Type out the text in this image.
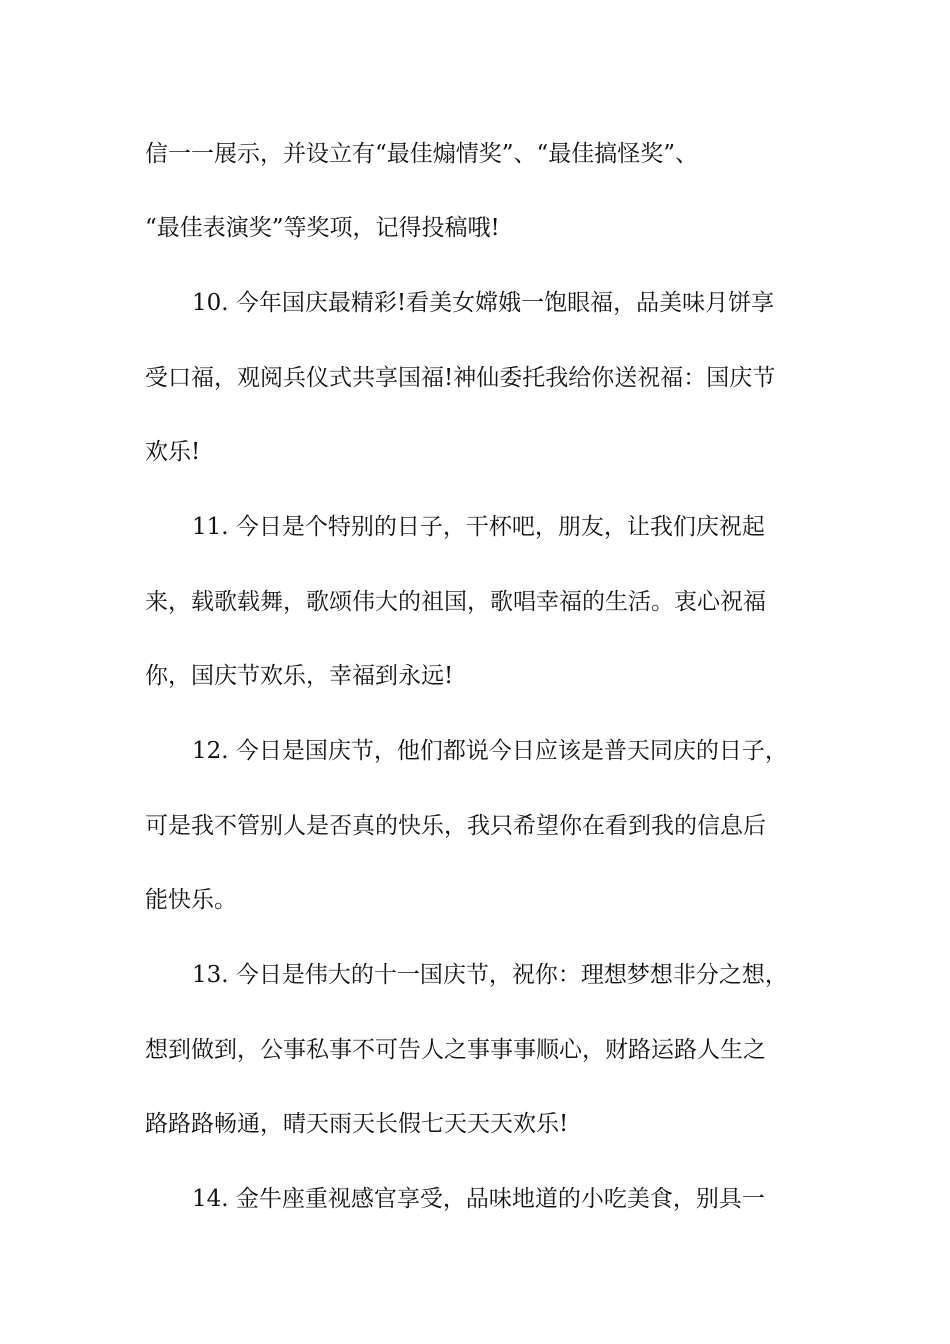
信一一展示，并设立有“最佳煽情奖”、“最佳搞怪奖”、
“最佳表演奖”等奖项，记得投稿哦!
10. 今年国庆最精彩!看美女嫦娥一饱眼福，品美味月饼享
受口福，观阅兵仪式共享国福!神仙委托我给你送祝福：国庆节
欢乐!
11. 今日是个特别的日子，干杯吧，朋友，让我们庆祝起
来，载歌载舞，歌颂伟大的祖国，歌唱幸福的生活。衷心祝福
你，国庆节欢乐，幸福到永远!
12. 今日是国庆节，他们都说今日应该是普天同庆的日子，
可是我不管别人是否真的快乐，我只希望你在看到我的信息后
能快乐。
13. 今日是伟大的十一国庆节，祝你：理想梦想非分之想，
想到做到，公事私事不可告人之事事事顺心，财路运路人生之
路路路畅通，晴天雨天长假七天天天欢乐!
14. 金牛座重视感官享受，品味地道的小吃美食，别具一
